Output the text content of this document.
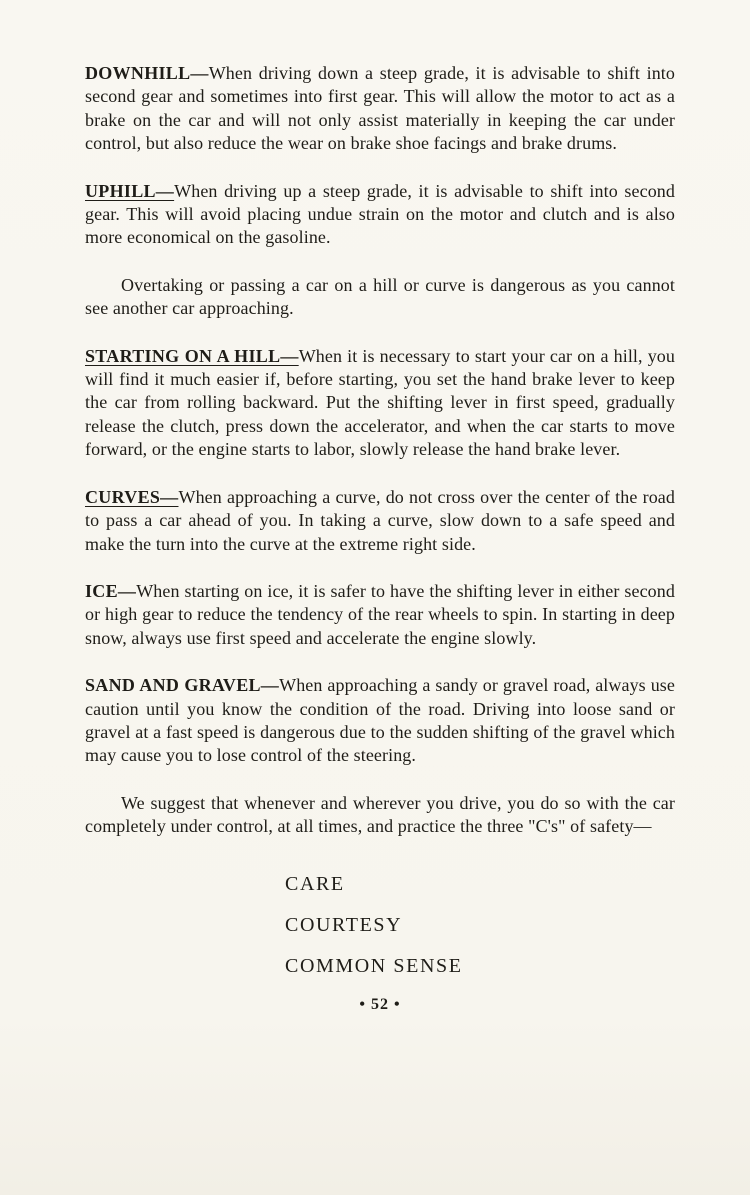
DOWNHILL—When driving down a steep grade, it is advisable to shift into second gear and sometimes into first gear. This will allow the motor to act as a brake on the car and will not only assist materially in keeping the car under control, but also reduce the wear on brake shoe facings and brake drums.

UPHILL—When driving up a steep grade, it is advisable to shift into second gear. This will avoid placing undue strain on the motor and clutch and is also more economical on the gasoline.

Overtaking or passing a car on a hill or curve is dangerous as you cannot see another car approaching.

STARTING ON A HILL—When it is necessary to start your car on a hill, you will find it much easier if, before starting, you set the hand brake lever to keep the car from rolling backward. Put the shifting lever in first speed, gradually release the clutch, press down the accelerator, and when the car starts to move forward, or the engine starts to labor, slowly release the hand brake lever.

CURVES—When approaching a curve, do not cross over the center of the road to pass a car ahead of you. In taking a curve, slow down to a safe speed and make the turn into the curve at the extreme right side.

ICE—When starting on ice, it is safer to have the shifting lever in either second or high gear to reduce the tendency of the rear wheels to spin. In starting in deep snow, always use first speed and accelerate the engine slowly.

SAND AND GRAVEL—When approaching a sandy or gravel road, always use caution until you know the condition of the road. Driving into loose sand or gravel at a fast speed is dangerous due to the sudden shifting of the gravel which may cause you to lose control of the steering.

We suggest that whenever and wherever you drive, you do so with the car completely under control, at all times, and practice the three "C's" of safety—

CARE
COURTESY
COMMON SENSE
• 52 •
